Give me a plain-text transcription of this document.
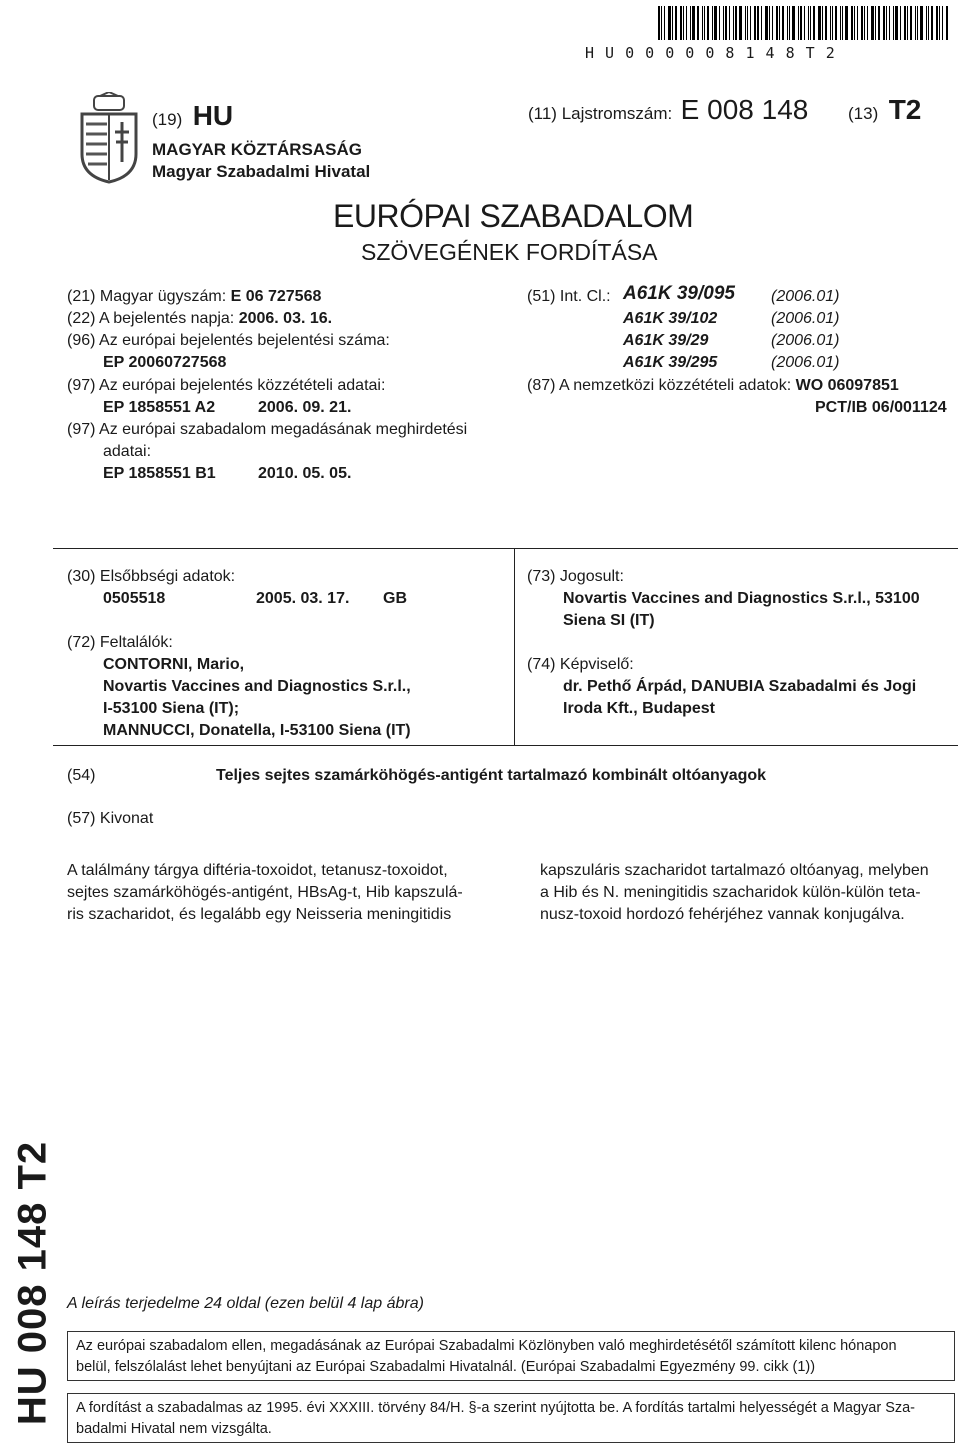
H U 0 0 0 0 0 8 1 4 8 T 2
(19) HU	(11) Lajstromszám: E 008 148 (13) T2
MAGYAR KÖZTÁRSASÁG
Magyar Szabadalmi Hivatal
EURÓPAI SZABADALOM
SZÖVEGÉNEK FORDÍTÁSA
(21) Magyar ügyszám: E 06 727568
(22) A bejelentés napja: 2006. 03. 16.
(96) Az európai bejelentés bejelentési száma:
EP 20060727568
(97) Az európai bejelentés közzétételi adatai:
EP 1858551 A2	2006. 09. 21.
(97) Az európai szabadalom megadásának meghirdetési
adatai:
EP 1858551 B1	2010. 05. 05.
(51) Int. Cl.: A61K 39/095 (2006.01)
A61K 39/102	(2006.01)
A61K 39/29	(2006.01)
A61K 39/295	(2006.01)
(87) A nemzetközi közzétételi adatok: WO 06097851
PCT/IB 06/001124
(30) Elsőbbségi adatok:
0505518	2005. 03. 17. GB
(72) Feltalálók:
CONTORNI, Mario,
Novartis Vaccines and Diagnostics S.r.l.,
I-53100 Siena (IT);
MANNUCCI, Donatella, I-53100 Siena (IT)
(73) Jogosult:
Novartis Vaccines and Diagnostics S.r.l., 53100
Siena SI (IT)
(74) Képviselő:
dr. Pethő Árpád, DANUBIA Szabadalmi és Jogi
Iroda Kft., Budapest
(54)	Teljes sejtes szamárköhögés-antigént tartalmazó kombinált oltóanyagok
(57) Kivonat
A találmány tárgya diftéria-toxoidot, tetanusz-toxoidot,
sejtes szamárköhögés-antigént, HBsAg-t, Hib kapszulá-
ris szacharidot, és legalább egy Neisseria meningitidis
kapszuláris szacharidot tartalmazó oltóanyag, melyben
a Hib és N. meningitidis szacharidok külön-külön teta-
nusz-toxoid hordozó fehérjéhez vannak konjugálva.
HU 008 148 T2 A leírás terjedelme 24 oldal (ezen belül 4 lap ábra)
Az európai szabadalom ellen, megadásának az Európai Szabadalmi Közlönyben való meghirdetésétől számított kilenc hónapon
belül, felszólalást lehet benyújtani az Európai Szabadalmi Hivatalnál. (Európai Szabadalmi Egyezmény 99. cikk (1))
A fordítást a szabadalmas az 1995. évi XXXIII. törvény 84/H. §-a szerint nyújtotta be. A fordítás tartalmi helyességét a Magyar Sza-
badalmi Hivatal nem vizsgálta.
